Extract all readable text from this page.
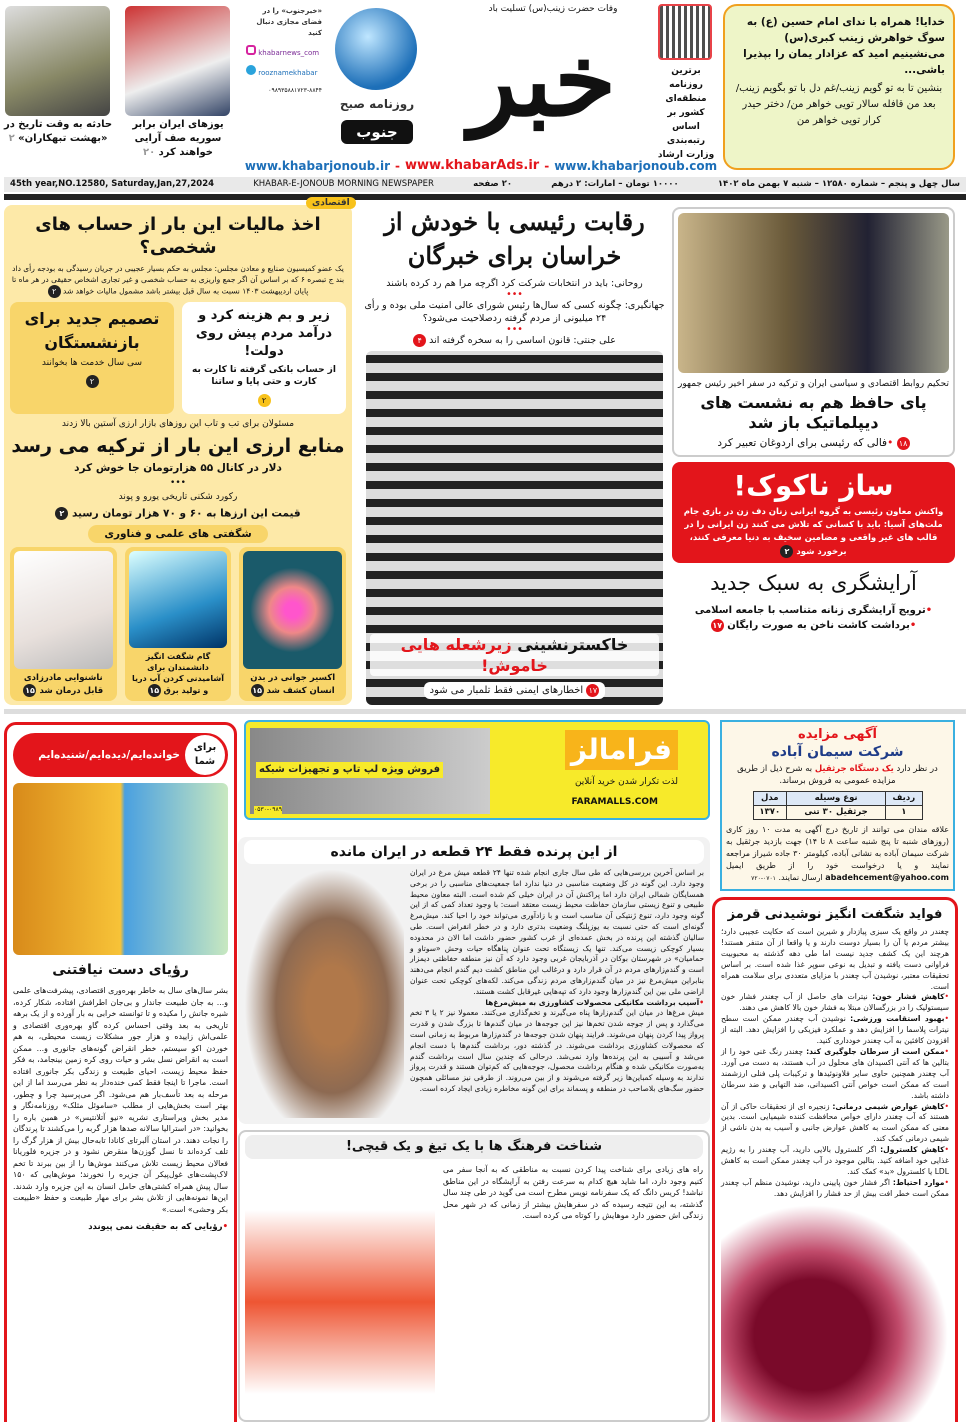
خدایا! همراه با ندای امام حسین (ع) به سوگ خواهرش زینب کبری(س) می‌نشینیم امید که عزادار یمان را بپذیرا باشی...
بنشین تا به تو گویم زینب/غم دل با تو بگویم زینب/بعد من قافله سالار تویی خواهر من/ دختر حیدر کرار تویی خواهر من
برترین روزنامه منطقه‌ای کشور بر اساس رتبه‌بندی وزارت ارشاد
وفات حضرت زینب(س) تسلیت باد
روزنامه صبح
جنوب خبر
«خبرجنوب» را در فضای مجازی دنبال کنید
khabarnews_com
rooznamekhabar
۰۹۸۹۳۵۸۸۱۷۲۳-۸۸۴۴
یوزهای ایران برابر سوریه صف آرایی خواهند کرد ۲۰
حادثه به وقت تاریخ در «بهشت تبهکاران» ۲
www.khabarjonoub.ir - www.khabarAds.ir - www.khabarjonoub.com
سال چهل و پنجم – شماره ۱۲۵۸۰ – شنبه ۷ بهمن ماه ۱۴۰۲
۱۰۰۰۰ تومان – امارات: ۲ درهم
۲۰ صفحه
KHABAR-E-JONOUB MORNING NEWSPAPER
45th year,NO.12580, Saturday,Jan,27,2024
اقتصادی
اخذ مالیات این بار از حساب های شخصی؟
یک عضو کمیسیون صنایع و معادن مجلس: مجلس به حکم بسیار عجیبی در جریان رسیدگی به بودجه رأی داد بند ج تبصره ۶ که بر اساس آن اگر جمع واریزی به حساب شخصی و غیر تجاری اشخاص حقیقی در هر ماه تا پایان اردیبهشت ۱۴۰۳ نسبت به سال قبل بیشتر باشد مشمول مالیات خواهد شد ۲
زیر و بم هزینه کرد و درآمد مردم پیش روی دولت!
از حساب بانکی گرفته تا کارت به کارت و حتی پایا و ساتنا
۲
تصمیم جدید برای بازنشستگان
سی سال خدمت ها بخوانند
۲
مسئولان برای تب و تاب این روزهای بازار ارزی آستین بالا زدند
منابع ارزی این بار از ترکیه می رسد
دلار در کانال ۵۵ هزارتومان جا خوش کرد
•••
رکورد شکنی تاریخی یورو و پوند
قیمت این ارزها به ۶۰ و ۷۰ هزار تومان رسید ۲
شگفتی های علمی و فناوری
اکسیر جوانی در بدن انسان کشف شد ۱۵
گام شگفت انگیز دانشمندان برای آشامیدنی کردن آب دریا و تولید برق ۱۵
ناشنوایی مادرزادی قابل درمان شد ۱۵
رقابت رئیسی با خودش از خراسان برای خبرگان
روحانی: باید در انتخابات شرکت کرد اگرچه مرا هم رد کرده باشند
•••
جهانگیری: چگونه کسی که سال‌ها رئیس شورای عالی امنیت ملی بوده و رأی ۲۴ میلیونی از مردم گرفته ردصلاحیت می‌شود؟
•••
علی جنتی: قانون اساسی را به سخره گرفته اند ۴
خاکسترنشینی زیرشعله هایی خاموش!
۱۷ اخطارهای ایمنی فقط تلمبار می شود
تحکیم روابط اقتصادی و سیاسی ایران و ترکیه در سفر اخیر رئیس جمهور
پای حافظ هم به نشست های دیپلماتیک باز شد
۱۸ •فالی که رئیسی برای اردوغان تعبیر کرد
ساز ناکوک!
واکنش معاون رئیسی به گروه ایرانی زنان دف زن در بازی جام ملت‌های آسیا: باید با کسانی که تلاش می کنند زن ایرانی را در قالب های غیر واقعی و مضامین سخیف به دنیا معرفی کنند، برخورد شود ۲
آرایشگری به سبک جدید
•ترویج آرایشگری زنانه متناسب با جامعه اسلامی
•برداشت کاشت ناخن به صورت رایگان ۱۷
برای شما
خوانده‌ایم/دیده‌ایم/شنیده‌ایم
رؤیای دست نیافتنی
بشر سال‌های سال به خاطر بهره‌وری اقتصادی، پیشرفت‌های علمی و... به جان طبیعت جاندار و بی‌جان اطرافش افتاده، شکار کرده، شیره جانش را مکیده و تا توانسته خرابی به بار آورده و از یک برهه تاریخی به بعد وقتی احساس کرده گاو بهره‌وری اقتصادی و علمی‌اش زاییده و هزار جور مشکلات زیست محیطی، به هم خوردن اکو سیستم، خطر انقراض گونه‌های جانوری و... ممکن است به انقراض نسل بشر و حیات روی کره زمین بینجامد، به فکر حفظ محیط زیست، احیای طبیعت و زندگی بکر جانوری افتاده است. ماجرا تا اینجا فقط کمی خنده‌دار به نظر می‌رسد اما از این مرحله به بعد تأسف‌بار هم می‌شود. اگر می‌پرسید چرا و چطور، بهتر است بخش‌هایی از مطلب «ساموئل مثلک» روزنامه‌نگار و مدیر بخش ویراستاری نشریه «نیو آتلانتیس» در همین باره را بخوانید: «در استرالیا سالانه صدها هزار گربه را می‌کشند تا پرندگان را نجات دهند. در استان آلبرتای کانادا تابه‌حال بیش از هزار گرگ را تلف کرده‌اند تا نسل گوزن‌ها منقرض نشود و در جزیره فلوریانا فعالان محیط زیست تلاش می‌کنند موش‌ها را از بین ببرند تا تخم لاک‌پشت‌های غول‌پیکر آن جزیره را نخورند؛ موش‌هایی که ۱۵۰ سال پیش همراه کشتی‌های حامل انسان به این جزیره وارد شدند. این‌ها نمونه‌هایی از تلاش بشر برای مهار طبیعت و حفظ «طبیعت بکر وحشی» است.»
•رؤیایی که به حقیقت نمی پیوندد
فروش ویژه لپ تاپ و تجهیزات شبکه
فرامالز
لذت تکرار شدن خرید آنلاین
FARAMALLS.COM
۰۵۳۰-۰۹۸۹
از این پرنده فقط ۲۴ قطعه در ایران مانده
بر اساس آخرین بررسی‌هایی که طی سال جاری انجام شده تنها ۲۴ قطعه میش مرغ در ایران وجود دارد. این گونه در کل وضعیت مناسبی در دنیا ندارد اما جمعیت‌های مناسبی را در برخی همسایگان شمالی ایران دارد اما پراکنش آن در ایران خیلی کم شده است. البته معاون محیط طبیعی و تنوع زیستی سازمان حفاظت محیط زیست معتقد است: با وجود تعداد کمی که از این گونه وجود دارد، تنوع ژنتیکی آن مناسب است و با زادآوری می‌تواند خود را احیا کند. میش‌مرغ گونه‌ای است که حتی نسبت به یوزپلنگ وضعیت بدتری دارد و در خطر انقراض است. طی سالیان گذشته این پرنده در بخش عمده‌ای از غرب کشور حضور داشت اما الان در محدوده بسیار کوچکی زیست می‌کند. تنها یک زیستگاه تحت عنوان پناهگاه حیات وحش «سوتاو و حمامیان» در شهرستان بوکان در آذربایجان غربی وجود دارد که آن نیز منطقه حفاظتی دیمزار است و گندم‌زارهای مردم در آن قرار دارد و درغالب این مناطق کشت دیم گندم انجام می‌دهند بنابراین میش‌مرغ نیز در میان گندم‌زارهای مردم زندگی می‌کند. لکه‌های کوچکی تحت عنوان اراضی ملی بین این گندم‌زارها وجود دارد که تپه‌هایی غیرقابل کشت هستند.
•آسیب برداشت مکانیکی محصولات کشاورزی به میش‌مرغ‌ها
میش مرغ‌ها در میان این گندم‌زارها پناه می‌گیرند و تخم‌گذاری می‌کنند. معمولا نیز ۲ یا ۳ تخم می‌گذارد و پس از جوجه شدن تخم‌ها نیز این جوجه‌ها در میان گندم‌ها تا بزرگ شدن و قدرت پرواز پیدا کردن پنهان می‌شوند. فرایند پنهان شدن جوجه‌ها در گندم‌زارها مربوط به زمانی است که محصولات کشاورزی برداشت می‌شوند. در گذشته دور، برداشت گندم‌ها با دست انجام می‌شد و آسیبی به این پرنده‌ها وارد نمی‌شد. درحالی که چندین سال است برداشت گندم به‌صورت مکانیکی شده و هنگام برداشت محصول، جوجه‌هایی که کم‌توان هستند و قدرت پرواز ندارند به وسیله کمباین‌ها زیر گرفته می‌شوند و از بین می‌روند. از طرفی نیز مسائلی همچون حضور سگ‌های بلاصاحب در منطقه و پسماند برای این گونه مخاطره زیادی ایجاد کرده است.
شناخت فرهنگ ها با یک تیغ و یک قیچی!
راه های زیادی برای شناخت پیدا کردن نسبت به مناطقی که به آنجا سفر می کنیم وجود دارد، اما شاید هیچ کدام به سرعت رفتن به آرایشگاه در این مناطق نباشد! کریس دانگ که یک سفرنامه نویس مطرح است می گوید در طی چند سال گذشته، به این نتیجه رسیده که در سفرهایش بیشتر از زمانی که در شهر محل زندگی اش حضور دارد موهایش را کوتاه می کرده است.
آگهی مزایده
شرکت سیمان آباده
در نظر دارد یک دستگاه جرثقیل به شرح ذیل از طریق مزایده عمومی به فروش برساند.
ردیف	نوع وسیله	مدل
۱	جرثقیل ۳۰ تنی	۱۳۷۰
علاقه مندان می توانند از تاریخ درج آگهی به مدت ۱۰ روز کاری (روزهای شنبه تا پنج شنبه ساعت ۸ تا ۱۴) جهت بازدید جرثقیل به شرکت سیمان آباده به نشانی آباده، کیلومتر ۳۰ جاده شیراز مراجعه نمایند و یا درخواست خود را از طریق ایمیل abadehcement@yahoo.com ارسال نمایند. ۰۷۰۱-۷۲۰
فواید شگفت انگیز نوشیدنی قرمز
چغندر در واقع یک سبزی پیازدار و شیرین است که حکایت عجیبی دارد؛ بیشتر مردم یا آن را بسیار دوست دارند و یا واقعا از آن متنفر هستند! هرچند این یک کشف جدید نیست اما طی دهه گذشته به محبوبیت فراوانی دست یافته و تبدیل به نوعی سوپر غذا شده است. بر اساس تحقیقات معتبر، نوشیدن آب چغندر با مزایای متعددی برای سلامت همراه است.
•کاهش فشار خون: نیترات های حاصل از آب چغندر فشار خون سیستولیک را در بزرگسالان مبتلا به فشار خون بالا کاهش می دهند.
•بهبود استقامت ورزشی: نوشیدن آب چغندر ممکن است سطح نیترات پلاسما را افزایش دهد و عملکرد فیزیکی را افزایش دهد. البته از افزودن کافئین به آب چغندر خودداری کنید.
•ممکن است از سرطان جلوگیری کند: چغندر رنگ غنی خود را از بتالین ها که آنتی اکسیدان های محلول در آب هستند، به دست می آورد. آب چغندر همچنین حاوی سایر فلاونوئیدها و ترکیبات پلی فنلی ارزشمند است که ممکن است خواص آنتی اکسیدانی، ضد التهابی و ضد سرطان داشته باشد.
•کاهش عوارض شیمی درمانی: زنجیره ای از تحقیقات حاکی از آن هستند که آب چغندر دارای خواص محافظت کننده شیمیایی است. بدین معنی که ممکن است به کاهش عوارض جانبی و آسیب به بدن ناشی از شیمی درمانی کمک کند.
•کاهش کلسترول: اگر کلسترول بالایی دارید، آب چغندر را به رژیم غذایی خود اضافه کنید. بتالین موجود در آب چغندر ممکن است به کاهش LDL یا کلسترول «بد» کمک کند.
•موارد احتیاط: اگر فشار خون پایینی دارید، نوشیدن منظم آب چغندر ممکن است خطر افت بیش از حد فشار را افزایش دهد.
